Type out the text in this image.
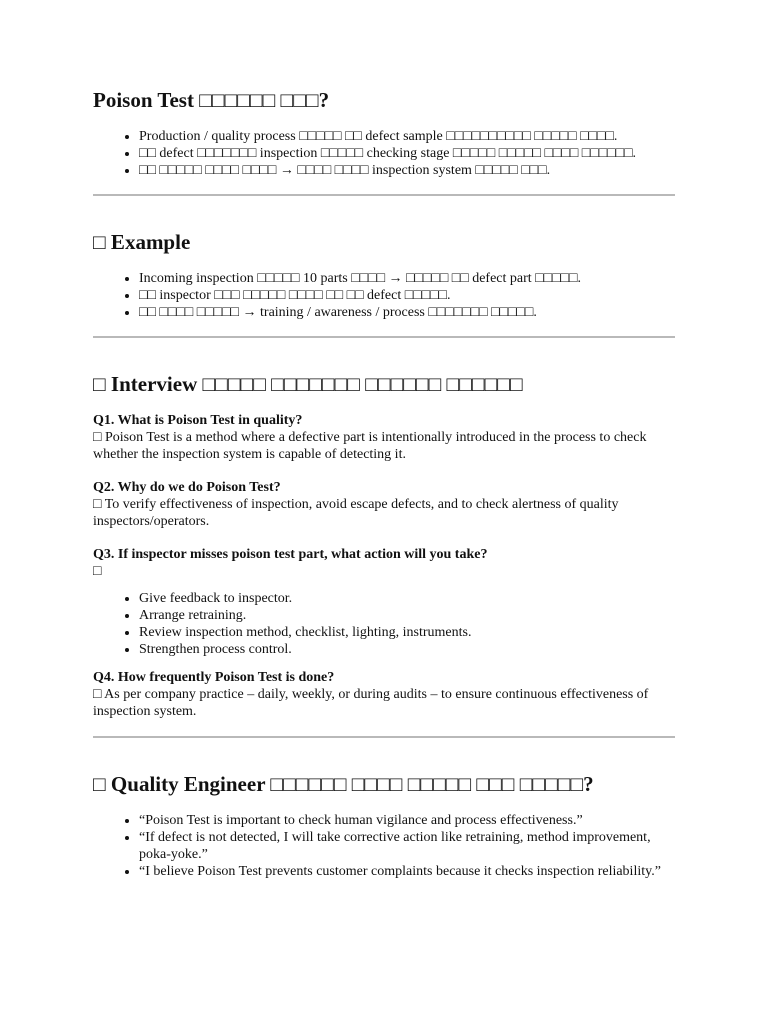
Poison Test □□□□□□ □□□?
• Production / quality process □□□□□ □□ defect sample □□□□□□□□□□ □□□□□ □□□□.
• □□ defect □□□□□□□ inspection □□□□□ checking stage □□□□□ □□□□□ □□□□ □□□□□□.
• □□ □□□□□ □□□□ □□□□ → □□□□ □□□□ inspection system □□□□□ □□□.
□ Example
• Incoming inspection □□□□□ 10 parts □□□□ → □□□□□ □□ defect part □□□□□.
• □□ inspector □□□ □□□□□ □□□□ □□ □□ defect □□□□□.
• □□ □□□□ □□□□□ → training / awareness / process □□□□□□□ □□□□□.
□ Interview □□□□□ □□□□□□□ □□□□□□ □□□□□□
Q1. What is Poison Test in quality?
□ Poison Test is a method where a defective part is intentionally introduced in the process to check whether the inspection system is capable of detecting it.
Q2. Why do we do Poison Test?
□ To verify effectiveness of inspection, avoid escape defects, and to check alertness of quality inspectors/operators.
Q3. If inspector misses poison test part, what action will you take?
□
• Give feedback to inspector.
• Arrange retraining.
• Review inspection method, checklist, lighting, instruments.
• Strengthen process control.
Q4. How frequently Poison Test is done?
□ As per company practice – daily, weekly, or during audits – to ensure continuous effectiveness of inspection system.
□ Quality Engineer □□□□□□ □□□□ □□□□□ □□□ □□□□□?
• “Poison Test is important to check human vigilance and process effectiveness.”
• “If defect is not detected, I will take corrective action like retraining, method improvement, poka-yoke.”
• “I believe Poison Test prevents customer complaints because it checks inspection reliability.”
